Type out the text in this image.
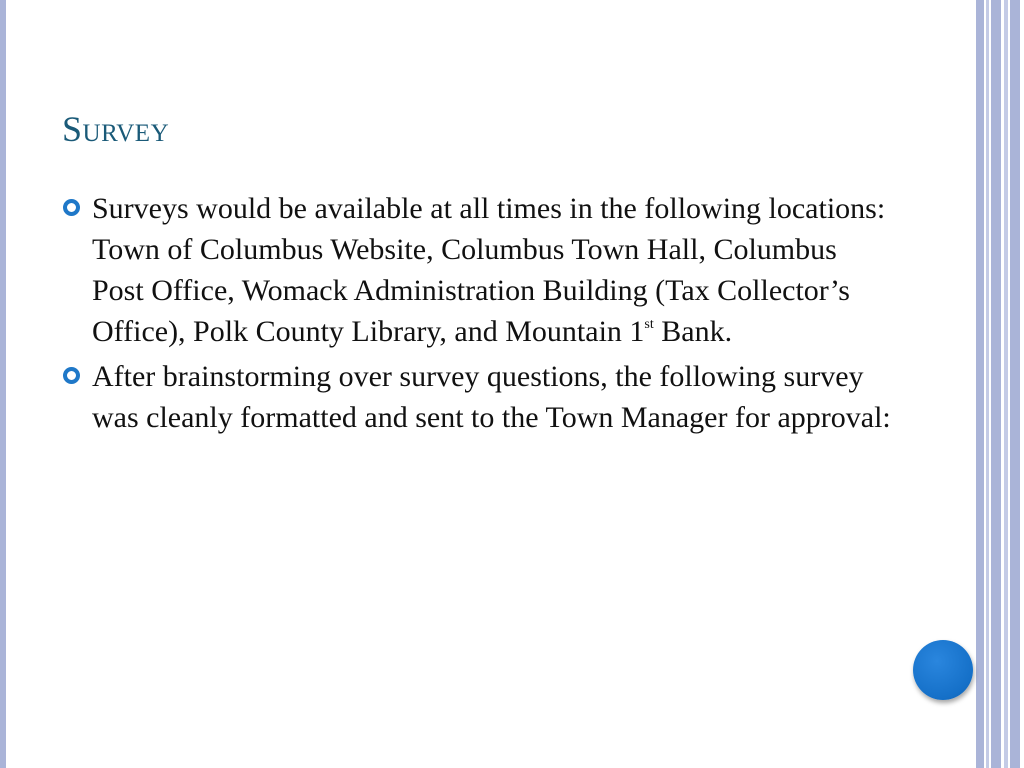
Survey
Surveys would be available at all times in the following locations: Town of Columbus Website, Columbus Town Hall, Columbus Post Office, Womack Administration Building (Tax Collector’s Office), Polk County Library, and Mountain 1st Bank.
After brainstorming over survey questions, the following survey was cleanly formatted and sent to the Town Manager for approval:
